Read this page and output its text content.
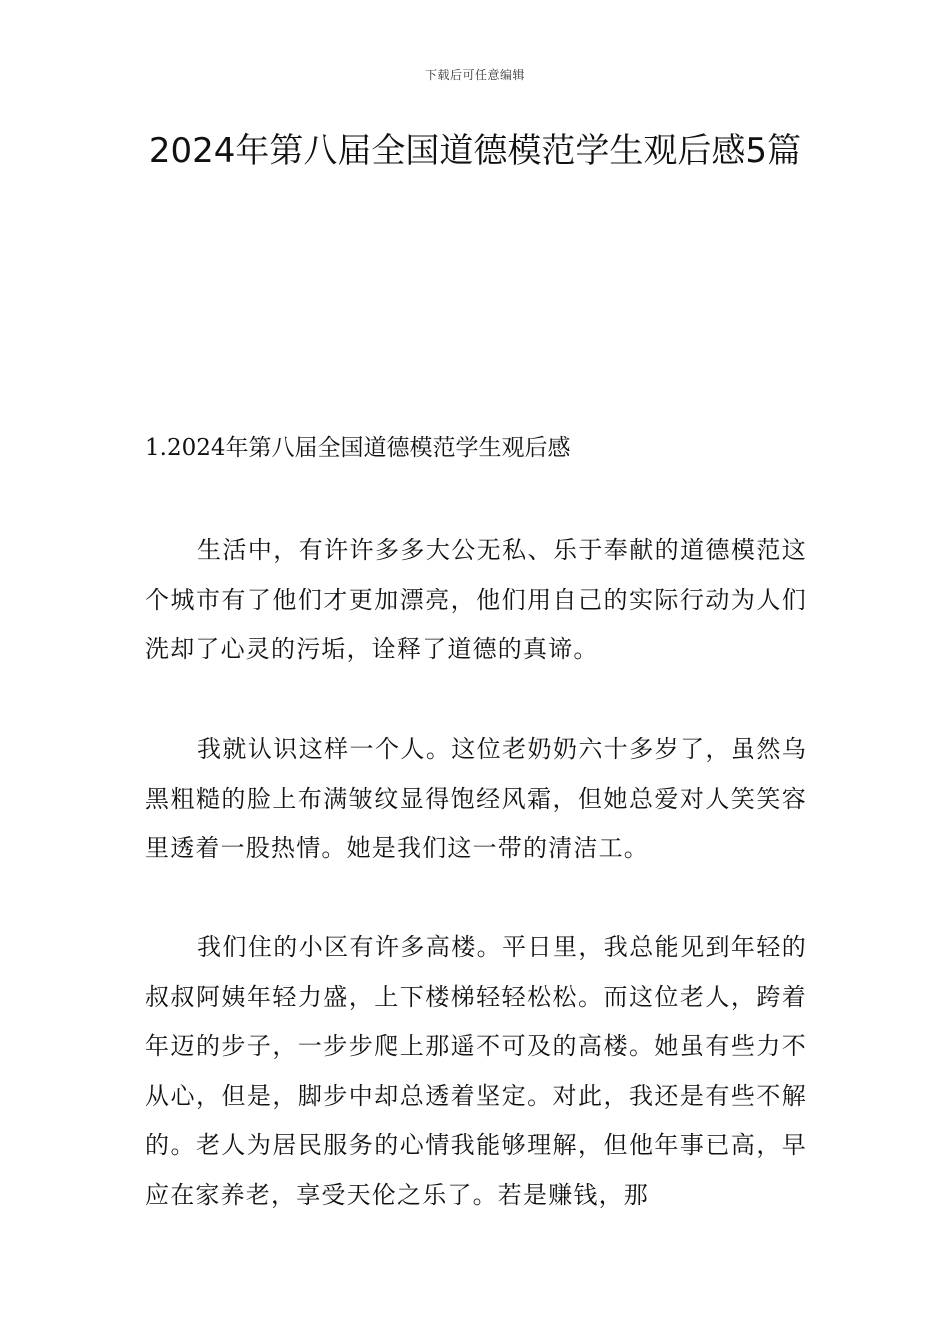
下载后可任意编辑
2024年第八届全国道德模范学生观后感5篇
1.2024年第八届全国道德模范学生观后感

生活中，有许许多多大公无私、乐于奉献的道德模范这个城市有了他们才更加漂亮，他们用自己的实际行动为人们洗却了心灵的污垢，诠释了道德的真谛。

我就认识这样一个人。这位老奶奶六十多岁了，虽然乌黑粗糙的脸上布满皱纹显得饱经风霜，但她总爱对人笑笑容里透着一股热情。她是我们这一带的清洁工。

我们住的小区有许多高楼。平日里，我总能见到年轻的叔叔阿姨年轻力盛，上下楼梯轻轻松松。而这位老人，跨着年迈的步子，一步步爬上那遥不可及的高楼。她虽有些力不从心，但是，脚步中却总透着坚定。对此，我还是有些不解的。老人为居民服务的心情我能够理解，但他年事已高，早应在家养老，享受天伦之乐了。若是赚钱，那
